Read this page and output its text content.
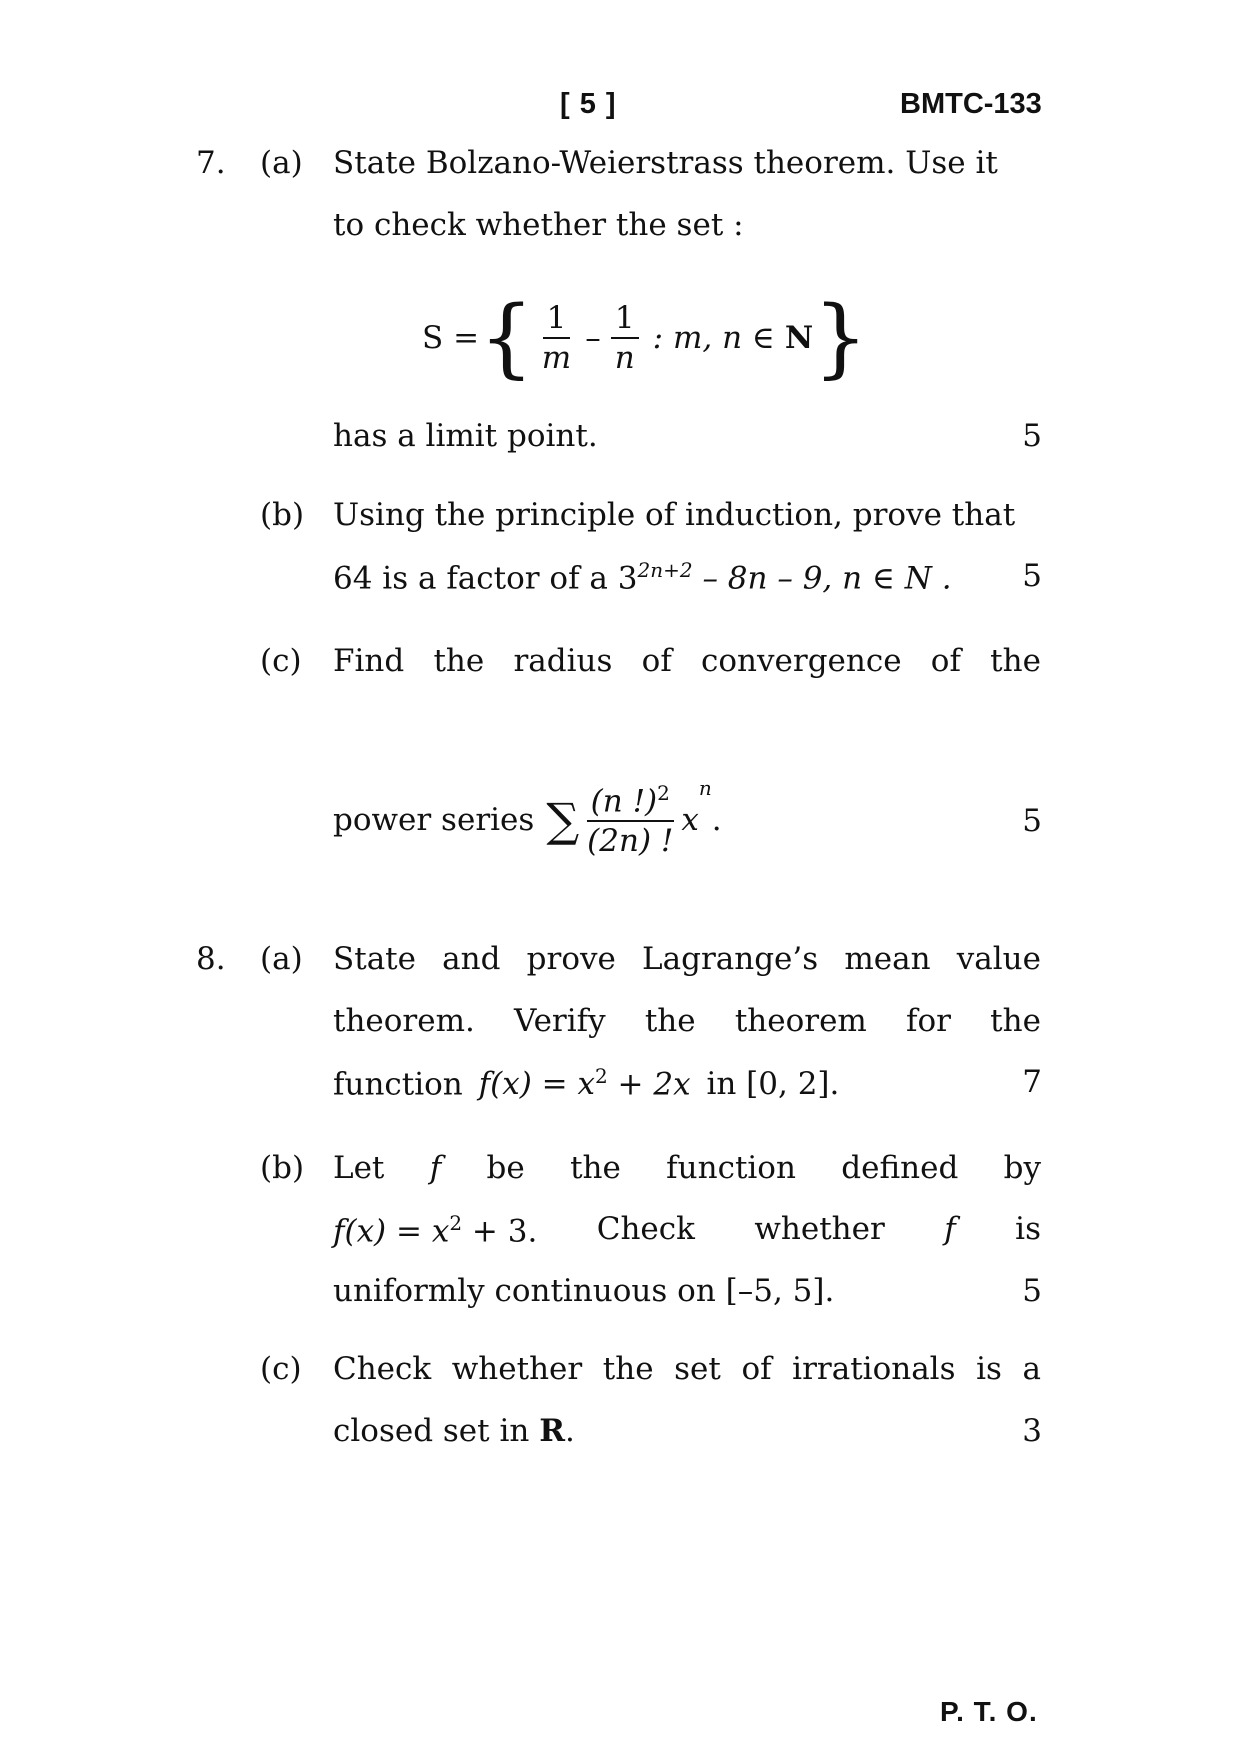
[ 5 ]	BMTC-133
7. (a) State Bolzano-Weierstrass theorem. Use it
to check whether the set :
S = { $\frac{1}{m} - \frac{1}{n}$ : m, n ∈ N }
has a limit point.	5
(b) Using the principle of induction, prove that
64 is a factor of a $3^{2n+2} - 8n - 9$, n ∈ N .	5
(c) Find the radius of convergence of the
power series ∑ $\frac{(n !)^2}{(2n) !}$ x
n
.	5
8. (a) State and prove Lagrange’s mean value
theorem. Verify the theorem for the
function $f(x) = x^2 + 2x$ in [0, 2].	7
(b) Let f be the function defined by
$f(x) = x^2 + 3$. Check whether f is
uniformly continuous on [–5, 5].	5
(c) Check whether the set of irrationals is a
closed set in R.	3
P. T. O.
